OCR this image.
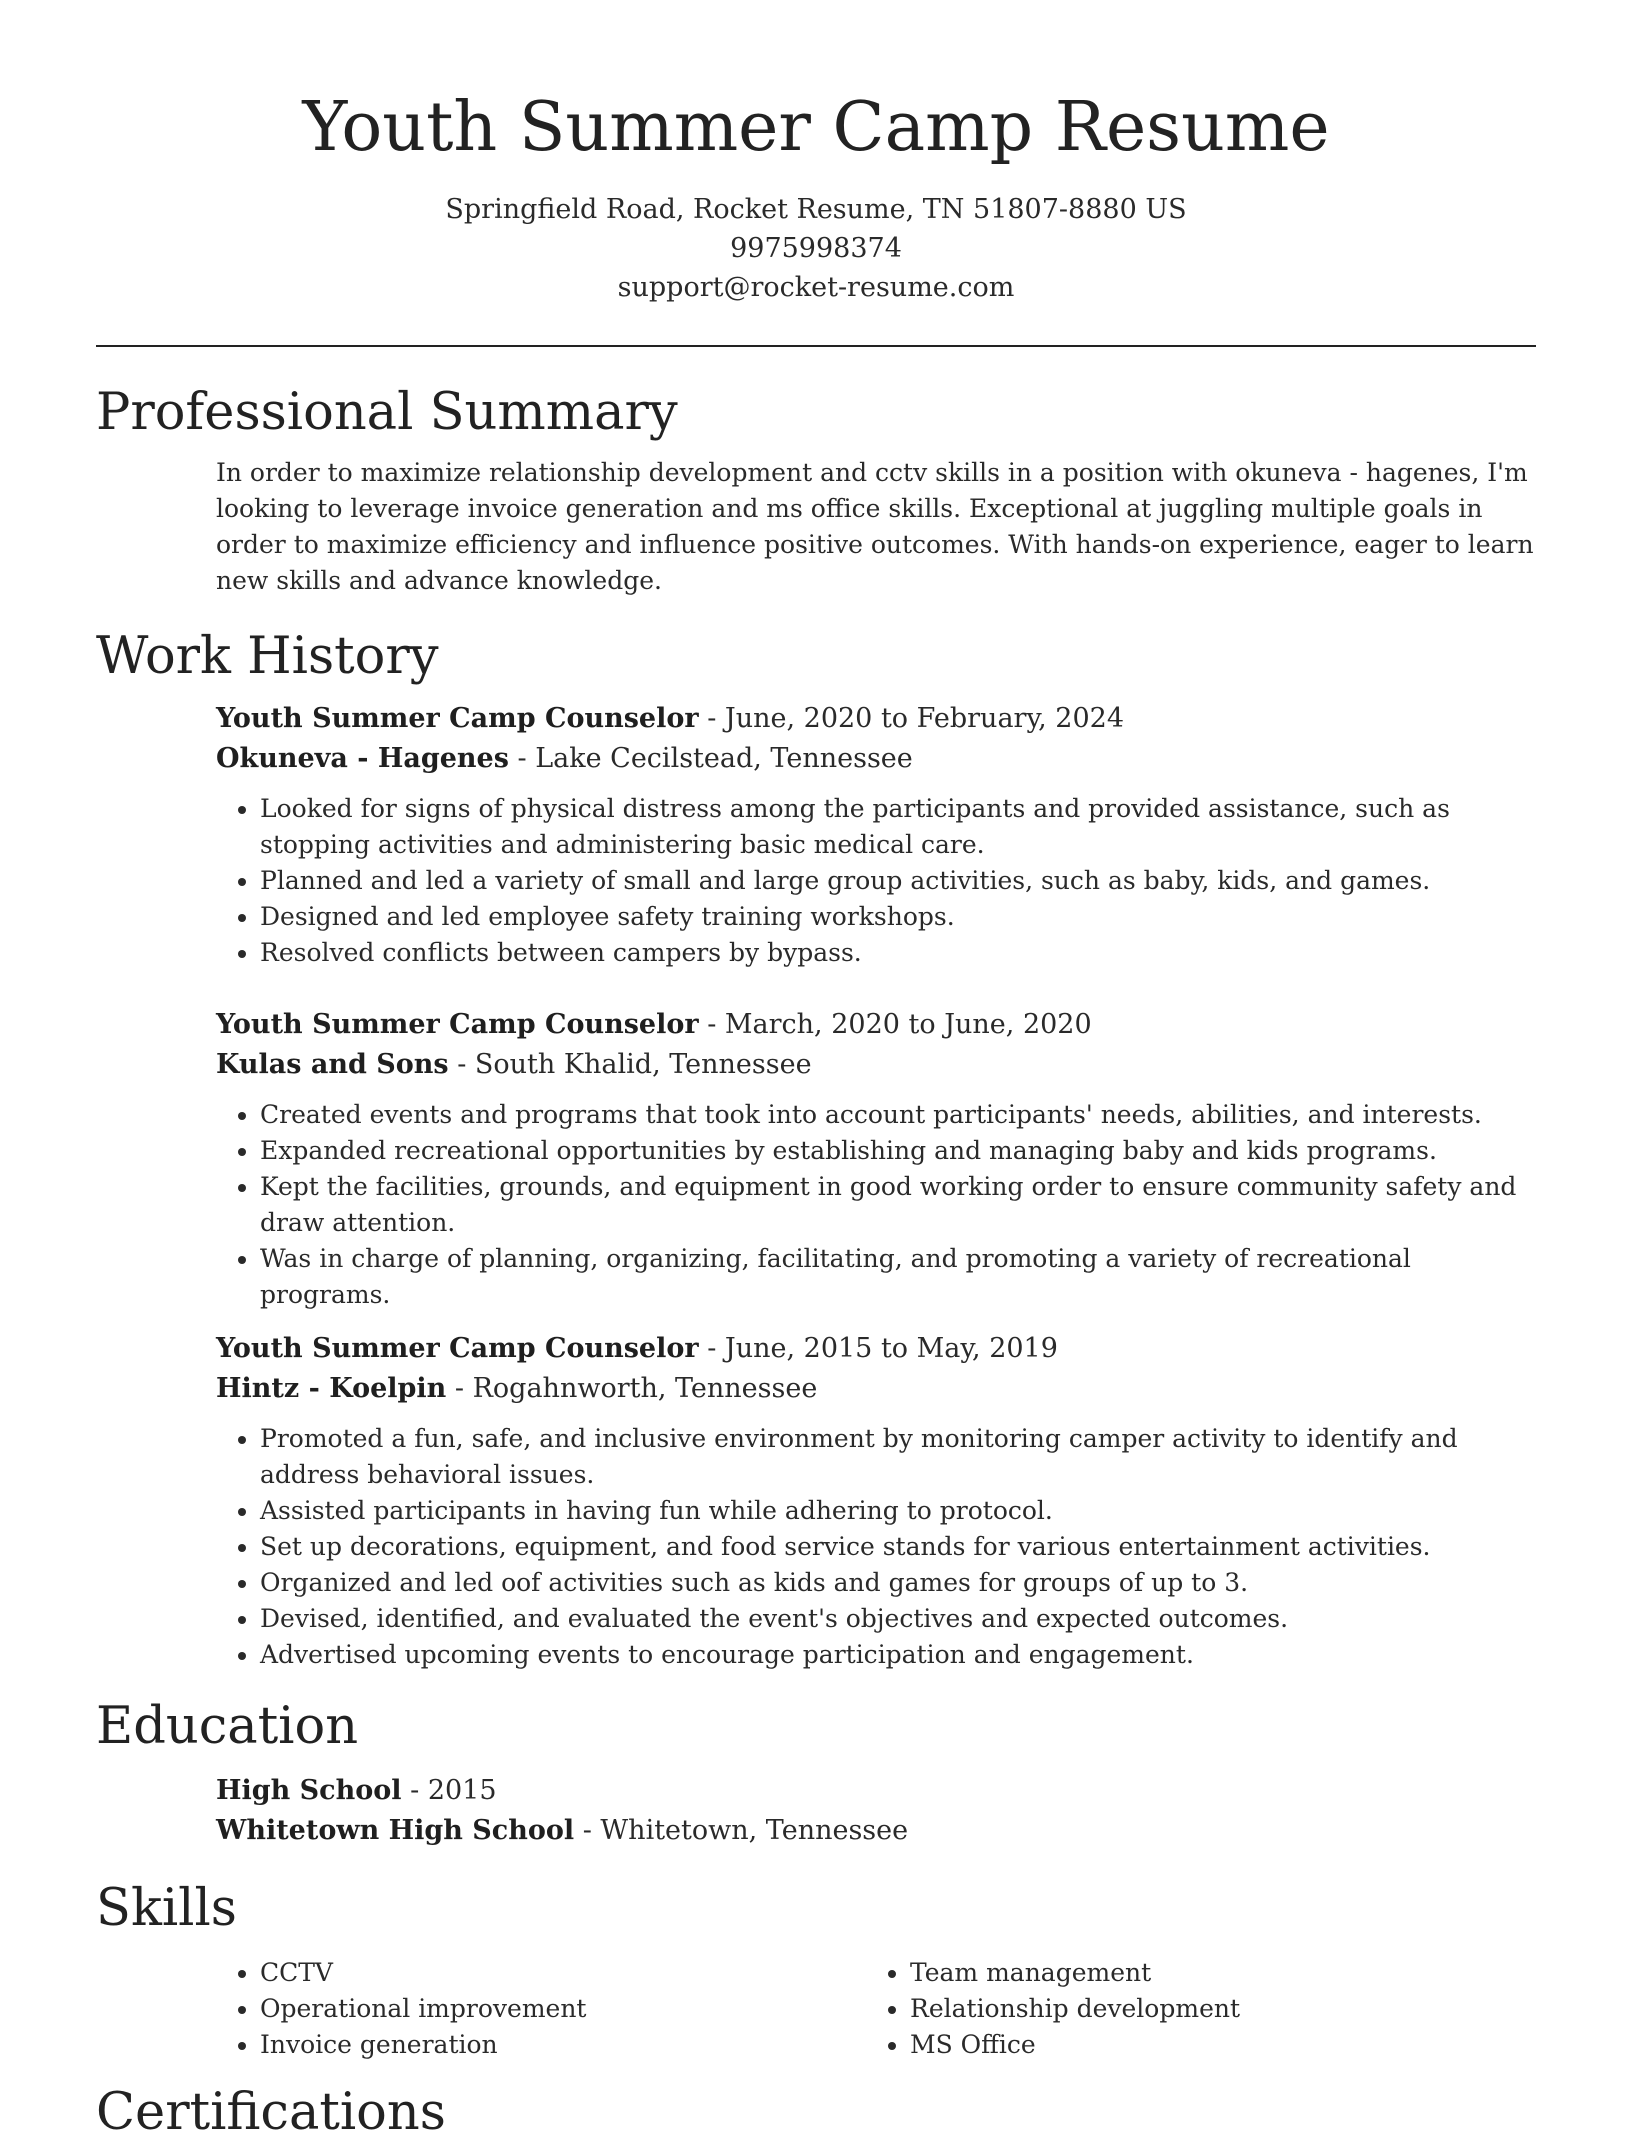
Youth Summer Camp Resume
Springfield Road, Rocket Resume, TN 51807-8880 US
9975998374
support@rocket-resume.com
Professional Summary

In order to maximize relationship development and cctv skills in a position with okuneva - hagenes, I'm looking to leverage invoice generation and ms office skills. Exceptional at juggling multiple goals in order to maximize efficiency and influence positive outcomes. With hands-on experience, eager to learn new skills and advance knowledge.

Work History
Youth Summer Camp Counselor - June, 2020 to February, 2024
Okuneva - Hagenes - Lake Cecilstead, Tennessee
• Looked for signs of physical distress among the participants and provided assistance, such as stopping activities and administering basic medical care.
• Planned and led a variety of small and large group activities, such as baby, kids, and games.
• Designed and led employee safety training workshops.
• Resolved conflicts between campers by bypass.
Youth Summer Camp Counselor - March, 2020 to June, 2020
Kulas and Sons - South Khalid, Tennessee
• Created events and programs that took into account participants' needs, abilities, and interests.
• Expanded recreational opportunities by establishing and managing baby and kids programs.
• Kept the facilities, grounds, and equipment in good working order to ensure community safety and draw attention.
• Was in charge of planning, organizing, facilitating, and promoting a variety of recreational programs.
Youth Summer Camp Counselor - June, 2015 to May, 2019
Hintz - Koelpin - Rogahnworth, Tennessee
• Promoted a fun, safe, and inclusive environment by monitoring camper activity to identify and address behavioral issues.
• Assisted participants in having fun while adhering to protocol.
• Set up decorations, equipment, and food service stands for various entertainment activities.
• Organized and led oof activities such as kids and games for groups of up to 3.
• Devised, identified, and evaluated the event's objectives and expected outcomes.
• Advertised upcoming events to encourage participation and engagement.
Education
High School - 2015
Whitetown High School - Whitetown, Tennessee
Skills
• CCTV
• Operational improvement
• Invoice generation
• Team management
• Relationship development
• MS Office
Certifications
